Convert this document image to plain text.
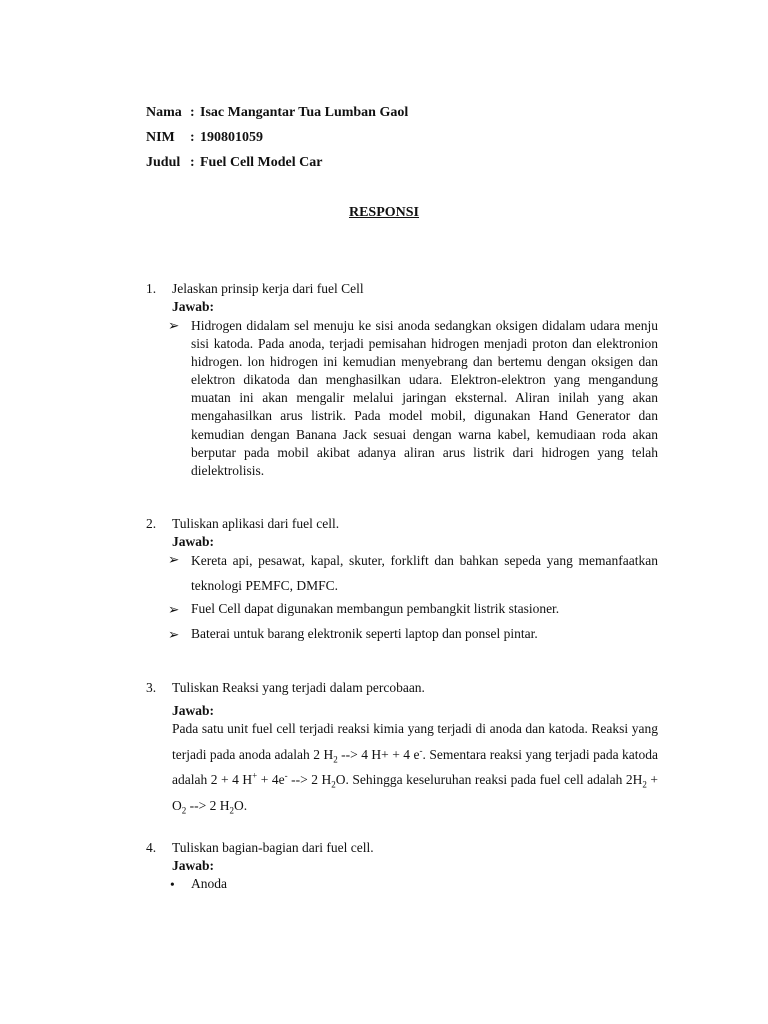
Nama : Isac Mangantar Tua Lumban Gaol
NIM : 190801059
Judul : Fuel Cell Model Car
RESPONSI
1. Jelaskan prinsip kerja dari fuel Cell
Jawab:
➢ Hidrogen didalam sel menuju ke sisi anoda sedangkan oksigen didalam udara menju sisi katoda. Pada anoda, terjadi pemisahan hidrogen menjadi proton dan elektronion hidrogen. lon hidrogen ini kemudian menyebrang dan bertemu dengan oksigen dan elektron dikatoda dan menghasilkan udara. Elektron-elektron yang mengandung muatan ini akan mengalir melalui jaringan eksternal. Aliran inilah yang akan mengahasilkan arus listrik. Pada model mobil, digunakan Hand Generator dan kemudian dengan Banana Jack sesuai dengan warna kabel, kemudiaan roda akan berputar pada mobil akibat adanya aliran arus listrik dari hidrogen yang telah dielektrolisis.
2. Tuliskan aplikasi dari fuel cell.
Jawab:
➢ Kereta api, pesawat, kapal, skuter, forklift dan bahkan sepeda yang memanfaatkan teknologi PEMFC, DMFC.
➢ Fuel Cell dapat digunakan membangun pembangkit listrik stasioner.
➢ Baterai untuk barang elektronik seperti laptop dan ponsel pintar.
3. Tuliskan Reaksi yang terjadi dalam percobaan.
Jawab:
Pada satu unit fuel cell terjadi reaksi kimia yang terjadi di anoda dan katoda. Reaksi yang terjadi pada anoda adalah 2 $H_2$ --> 4 H+ + 4 e-. Sementara reaksi yang terjadi pada katoda adalah 2 + 4 H+ + 4e- --> 2 $H_2O$. Sehingga keseluruhan reaksi pada fuel cell adalah $2H_2 + O_2$ --> 2 $H_2O$.
4. Tuliskan bagian-bagian dari fuel cell.
Jawab:
• Anoda
